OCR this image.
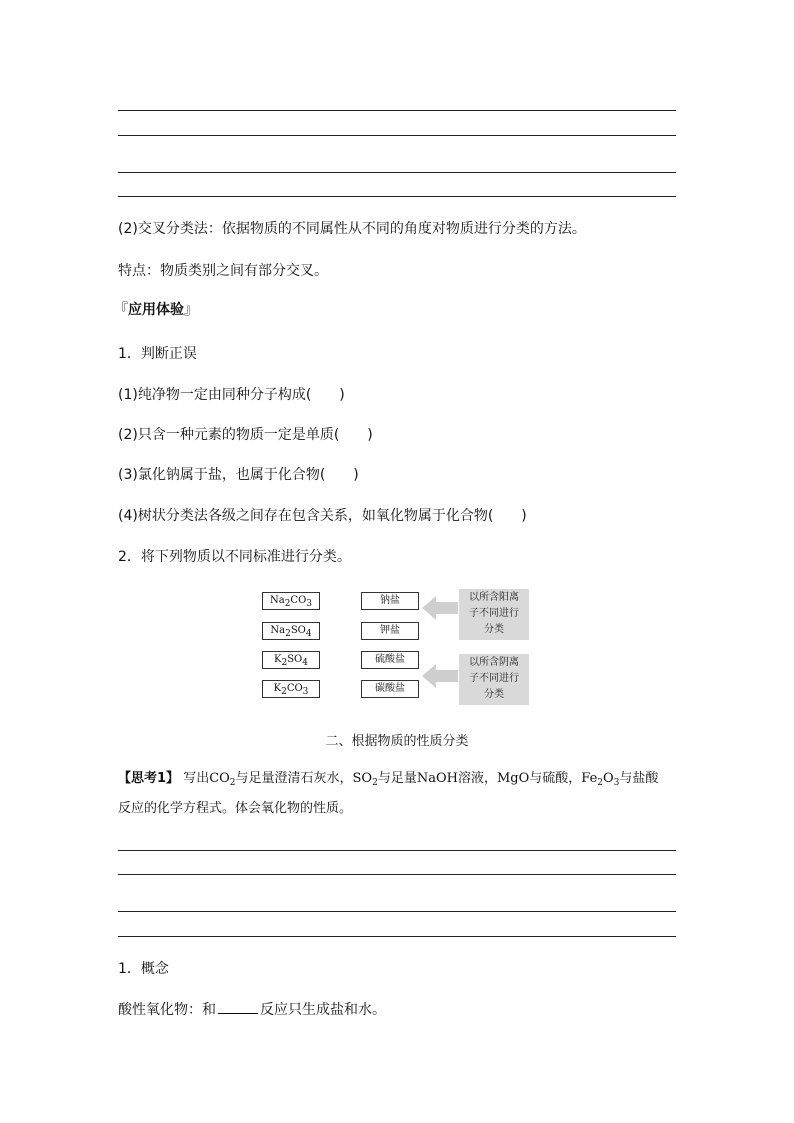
(2)交叉分类法：依据物质的不同属性从不同的角度对物质进行分类的方法。
特点：物质类别之间有部分交叉。
『应用体验』
1．判断正误
(1)纯净物一定由同种分子构成(　　)
(2)只含一种元素的物质一定是单质(　　)
(3)氯化钠属于盐，也属于化合物(　　)
(4)树状分类法各级之间存在包含关系，如氧化物属于化合物(　　)
2．将下列物质以不同标准进行分类。
Na2CO3
Na2SO4
K2SO4
K2CO3
钠盐
钾盐
硫酸盐
碳酸盐
以所含阳离
子不同进行
分类
以所含阴离
子不同进行
分类
二、根据物质的性质分类
【思考1】 写出$CO_2$与足量澄清石灰水，$SO_2$与足量NaOH溶液，MgO与硫酸，$Fe_2O_3$与盐酸
反应的化学方程式。体会氧化物的性质。
1．概念
酸性氧化物：和	反应只生成盐和水。
